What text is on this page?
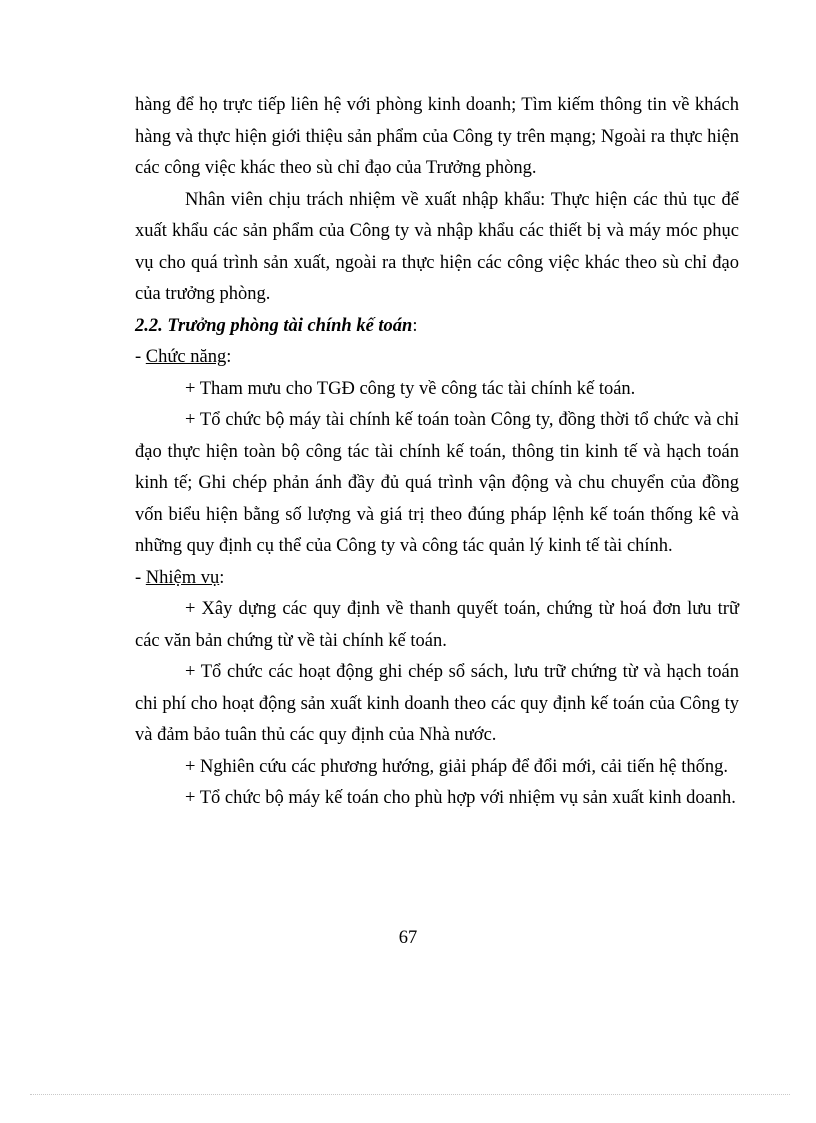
hàng để họ trực tiếp liên hệ với phòng kinh doanh; Tìm kiếm thông tin về khách hàng và thực hiện giới thiệu sản phẩm của Công ty trên mạng; Ngoài ra thực hiện các công việc khác theo sù chỉ đạo của Trưởng phòng.

Nhân viên chịu trách nhiệm về xuất nhập khẩu: Thực hiện các thủ tục để xuất khẩu các sản phẩm của Công ty và nhập khẩu các thiết bị và máy móc phục vụ cho quá trình sản xuất, ngoài ra thực hiện các công việc khác theo sù chỉ đạo của trưởng phòng.

2.2. Trưởng phòng tài chính kế toán:

- Chức năng:

+ Tham mưu cho TGĐ công ty về công tác tài chính kế toán.

+ Tổ chức bộ máy tài chính kế toán toàn Công ty, đồng thời tổ chức và chỉ đạo thực hiện toàn bộ công tác tài chính kế toán, thông tin kinh tế và hạch toán kinh tế; Ghi chép phản ánh đầy đủ quá trình vận động và chu chuyển của đồng vốn biểu hiện bằng số lượng và giá trị theo đúng pháp lệnh kế toán thống kê và những quy định cụ thể của Công ty và công tác quản lý kinh tế tài chính.

- Nhiệm vụ:

+ Xây dựng các quy định về thanh quyết toán, chứng từ hoá đơn lưu trữ các văn bản chứng từ về tài chính kế toán.

+ Tổ chức các hoạt động ghi chép sổ sách, lưu trữ chứng từ và hạch toán chi phí cho hoạt động sản xuất kinh doanh theo các quy định kế toán của Công ty và đảm bảo tuân thủ các quy định của Nhà nước.

+ Nghiên cứu các phương hướng, giải pháp để đổi mới, cải tiến hệ thống.

+ Tổ chức bộ máy kế toán cho phù hợp với nhiệm vụ sản xuất kinh doanh.

67
